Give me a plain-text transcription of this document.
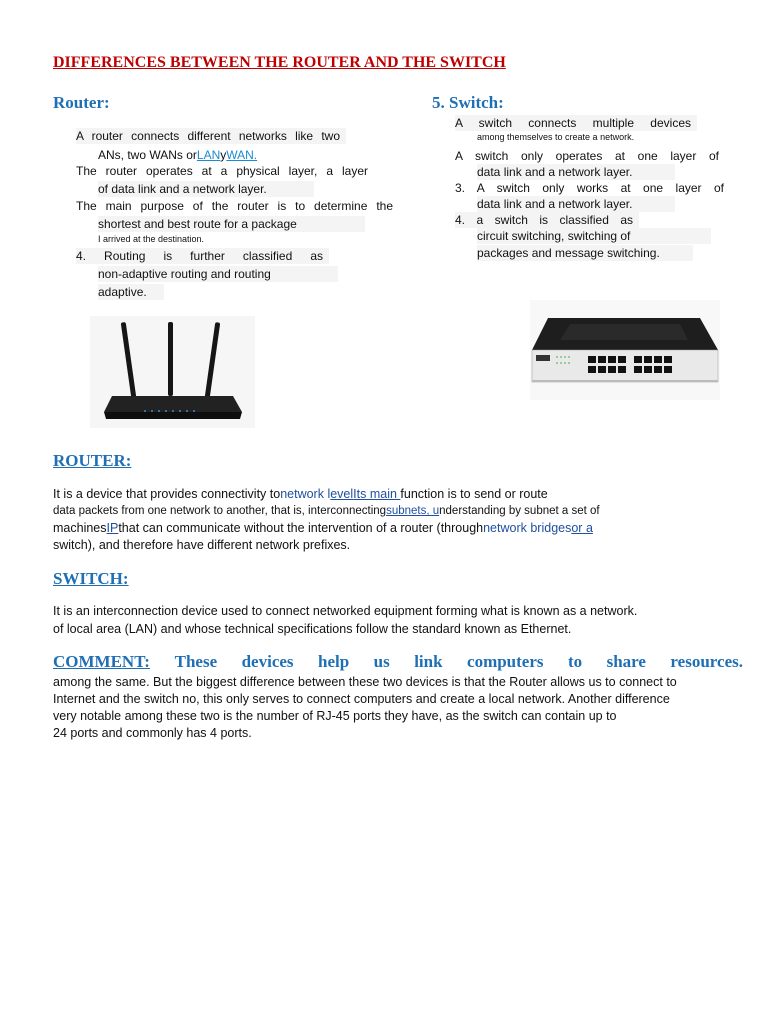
DIFFERENCES BETWEEN THE ROUTER AND THE SWITCH
Router:
A router connects different networks like two
ANs, two WANs orLANyWAN.
The router operates at a physical layer, a layer
of data link and a network layer.
The main purpose of the router is to determine the
shortest and best route for a package
I arrived at the destination.
4. Routing is further classified as
non-adaptive routing and routing
adaptive.
5. Switch:
A switch connects multiple devices
among themselves to create a network.
A switch only operates at one layer of
data link and a network layer.
3. A switch only works at one layer of
data link and a network layer.
4. a switch is classified as
circuit switching, switching of
packages and message switching.
ROUTER:
It is a device that provides connectivity tonetwork levelIts main function is to send or route
data packets from one network to another, that is, interconnectingsubnets, understanding by subnet a set of
machinesIPthat can communicate without the intervention of a router (throughnetwork bridgesor a
switch), and therefore have different network prefixes.
SWITCH:
It is an interconnection device used to connect networked equipment forming what is known as a network.
of local area (LAN) and whose technical specifications follow the standard known as Ethernet.
COMMENT: These devices help us link computers to share resources.
among the same. But the biggest difference between these two devices is that the Router allows us to connect to
Internet and the switch no, this only serves to connect computers and create a local network. Another difference
very notable among these two is the number of RJ-45 ports they have, as the switch can contain up to
24 ports and commonly has 4 ports.
